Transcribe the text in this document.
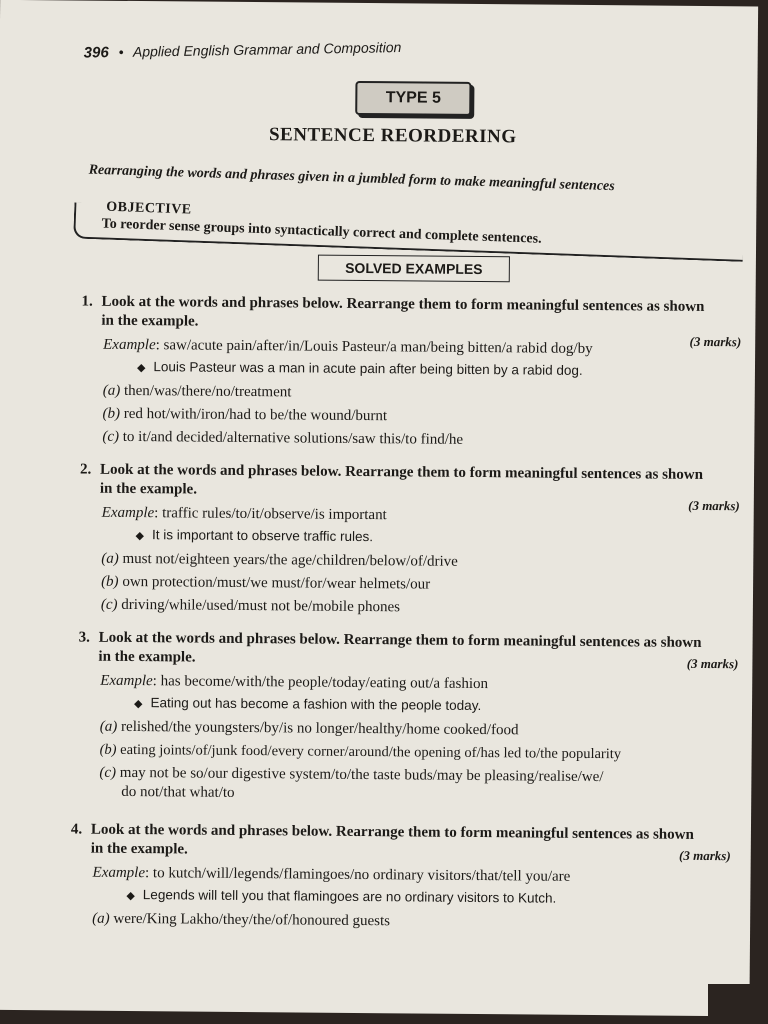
396 • Applied English Grammar and Composition
TYPE 5
SENTENCE REORDERING
Rearranging the words and phrases given in a jumbled form to make meaningful sentences
OBJECTIVE
To reorder sense groups into syntactically correct and complete sentences.
SOLVED EXAMPLES
1. Look at the words and phrases below. Rearrange them to form meaningful sentences as shown in the example.
(3 marks)
Example: saw/acute pain/after/in/Louis Pasteur/a man/being bitten/a rabid dog/by
◆ Louis Pasteur was a man in acute pain after being bitten by a rabid dog.
(a) then/was/there/no/treatment
(b) red hot/with/iron/had to be/the wound/burnt
(c) to it/and decided/alternative solutions/saw this/to find/he
2. Look at the words and phrases below. Rearrange them to form meaningful sentences as shown in the example.
(3 marks)
Example: traffic rules/to/it/observe/is important
◆ It is important to observe traffic rules.
(a) must not/eighteen years/the age/children/below/of/drive
(b) own protection/must/we must/for/wear helmets/our
(c) driving/while/used/must not be/mobile phones
3. Look at the words and phrases below. Rearrange them to form meaningful sentences as shown in the example.	(3 marks)
Example: has become/with/the people/today/eating out/a fashion
◆ Eating out has become a fashion with the people today.
(a) relished/the youngsters/by/is no longer/healthy/home cooked/food
(b) eating joints/of/junk food/every corner/around/the opening of/has led to/the popularity
(c) may not be so/our digestive system/to/the taste buds/may be pleasing/realise/we/
do not/that what/to
4. Look at the words and phrases below. Rearrange them to form meaningful sentences as shown in the example.	(3 marks)
Example: to kutch/will/legends/flamingoes/no ordinary visitors/that/tell you/are
◆ Legends will tell you that flamingoes are no ordinary visitors to Kutch.
(a) were/King Lakho/they/the/of/honoured guests
